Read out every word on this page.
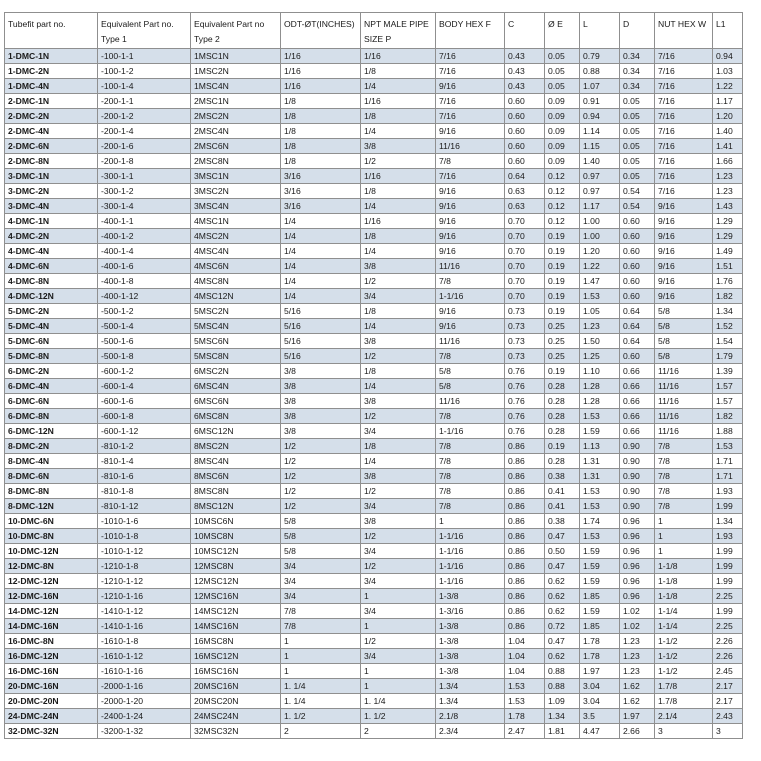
Tubefit part no.	Equivalent Part no. Type 1	Equivalent Part no Type 2	ODT-ØT(INCHES)	NPT MALE PIPE SIZE P	BODY HEX F	C	Ø E	L	D	NUT HEX W	L1
1-DMC-1N	-100-1-1	1MSC1N	1/16	1/16	7/16	0.43	0.05	0.79	0.34	7/16	0.94
1-DMC-2N	-100-1-2	1MSC2N	1/16	1/8	7/16	0.43	0.05	0.88	0.34	7/16	1.03
1-DMC-4N	-100-1-4	1MSC4N	1/16	1/4	9/16	0.43	0.05	1.07	0.34	7/16	1.22
2-DMC-1N	-200-1-1	2MSC1N	1/8	1/16	7/16	0.60	0.09	0.91	0.05	7/16	1.17
2-DMC-2N	-200-1-2	2MSC2N	1/8	1/8	7/16	0.60	0.09	0.94	0.05	7/16	1.20
2-DMC-4N	-200-1-4	2MSC4N	1/8	1/4	9/16	0.60	0.09	1.14	0.05	7/16	1.40
2-DMC-6N	-200-1-6	2MSC6N	1/8	3/8	11/16	0.60	0.09	1.15	0.05	7/16	1.41
2-DMC-8N	-200-1-8	2MSC8N	1/8	1/2	7/8	0.60	0.09	1.40	0.05	7/16	1.66
3-DMC-1N	-300-1-1	3MSC1N	3/16	1/16	7/16	0.64	0.12	0.97	0.05	7/16	1.23
3-DMC-2N	-300-1-2	3MSC2N	3/16	1/8	9/16	0.63	0.12	0.97	0.54	7/16	1.23
3-DMC-4N	-300-1-4	3MSC4N	3/16	1/4	9/16	0.63	0.12	1.17	0.54	9/16	1.43
4-DMC-1N	-400-1-1	4MSC1N	1/4	1/16	9/16	0.70	0.12	1.00	0.60	9/16	1.29
4-DMC-2N	-400-1-2	4MSC2N	1/4	1/8	9/16	0.70	0.19	1.00	0.60	9/16	1.29
4-DMC-4N	-400-1-4	4MSC4N	1/4	1/4	9/16	0.70	0.19	1.20	0.60	9/16	1.49
4-DMC-6N	-400-1-6	4MSC6N	1/4	3/8	11/16	0.70	0.19	1.22	0.60	9/16	1.51
4-DMC-8N	-400-1-8	4MSC8N	1/4	1/2	7/8	0.70	0.19	1.47	0.60	9/16	1.76
4-DMC-12N	-400-1-12	4MSC12N	1/4	3/4	1-1/16	0.70	0.19	1.53	0.60	9/16	1.82
5-DMC-2N	-500-1-2	5MSC2N	5/16	1/8	9/16	0.73	0.19	1.05	0.64	5/8	1.34
5-DMC-4N	-500-1-4	5MSC4N	5/16	1/4	9/16	0.73	0.25	1.23	0.64	5/8	1.52
5-DMC-6N	-500-1-6	5MSC6N	5/16	3/8	11/16	0.73	0.25	1.50	0.64	5/8	1.54
5-DMC-8N	-500-1-8	5MSC8N	5/16	1/2	7/8	0.73	0.25	1.25	0.60	5/8	1.79
6-DMC-2N	-600-1-2	6MSC2N	3/8	1/8	5/8	0.76	0.19	1.10	0.66	11/16	1.39
6-DMC-4N	-600-1-4	6MSC4N	3/8	1/4	5/8	0.76	0.28	1.28	0.66	11/16	1.57
6-DMC-6N	-600-1-6	6MSC6N	3/8	3/8	11/16	0.76	0.28	1.28	0.66	11/16	1.57
6-DMC-8N	-600-1-8	6MSC8N	3/8	1/2	7/8	0.76	0.28	1.53	0.66	11/16	1.82
6-DMC-12N	-600-1-12	6MSC12N	3/8	3/4	1-1/16	0.76	0.28	1.59	0.66	11/16	1.88
8-DMC-2N	-810-1-2	8MSC2N	1/2	1/8	7/8	0.86	0.19	1.13	0.90	7/8	1.53
8-DMC-4N	-810-1-4	8MSC4N	1/2	1/4	7/8	0.86	0.28	1.31	0.90	7/8	1.71
8-DMC-6N	-810-1-6	8MSC6N	1/2	3/8	7/8	0.86	0.38	1.31	0.90	7/8	1.71
8-DMC-8N	-810-1-8	8MSC8N	1/2	1/2	7/8	0.86	0.41	1.53	0.90	7/8	1.93
8-DMC-12N	-810-1-12	8MSC12N	1/2	3/4	7/8	0.86	0.41	1.53	0.90	7/8	1.99
10-DMC-6N	-1010-1-6	10MSC6N	5/8	3/8	1	0.86	0.38	1.74	0.96	1	1.34
10-DMC-8N	-1010-1-8	10MSC8N	5/8	1/2	1-1/16	0.86	0.47	1.53	0.96	1	1.93
10-DMC-12N	-1010-1-12	10MSC12N	5/8	3/4	1-1/16	0.86	0.50	1.59	0.96	1	1.99
12-DMC-8N	-1210-1-8	12MSC8N	3/4	1/2	1-1/16	0.86	0.47	1.59	0.96	1-1/8	1.99
12-DMC-12N	-1210-1-12	12MSC12N	3/4	3/4	1-1/16	0.86	0.62	1.59	0.96	1-1/8	1.99
12-DMC-16N	-1210-1-16	12MSC16N	3/4	1	1-3/8	0.86	0.62	1.85	0.96	1-1/8	2.25
14-DMC-12N	-1410-1-12	14MSC12N	7/8	3/4	1-3/16	0.86	0.62	1.59	1.02	1-1/4	1.99
14-DMC-16N	-1410-1-16	14MSC16N	7/8	1	1-3/8	0.86	0.72	1.85	1.02	1-1/4	2.25
16-DMC-8N	-1610-1-8	16MSC8N	1	1/2	1-3/8	1.04	0.47	1.78	1.23	1-1/2	2.26
16-DMC-12N	-1610-1-12	16MSC12N	1	3/4	1-3/8	1.04	0.62	1.78	1.23	1-1/2	2.26
16-DMC-16N	-1610-1-16	16MSC16N	1	1	1-3/8	1.04	0.88	1.97	1.23	1-1/2	2.45
20-DMC-16N	-2000-1-16	20MSC16N	1. 1/4	1	1.3/4	1.53	0.88	3.04	1.62	1.7/8	2.17
20-DMC-20N	-2000-1-20	20MSC20N	1. 1/4	1. 1/4	1.3/4	1.53	1.09	3.04	1.62	1.7/8	2.17
24-DMC-24N	-2400-1-24	24MSC24N	1. 1/2	1. 1/2	2.1/8	1.78	1.34	3.5	1.97	2.1/4	2.43
32-DMC-32N	-3200-1-32	32MSC32N	2	2	2.3/4	2.47	1.81	4.47	2.66	3	3
